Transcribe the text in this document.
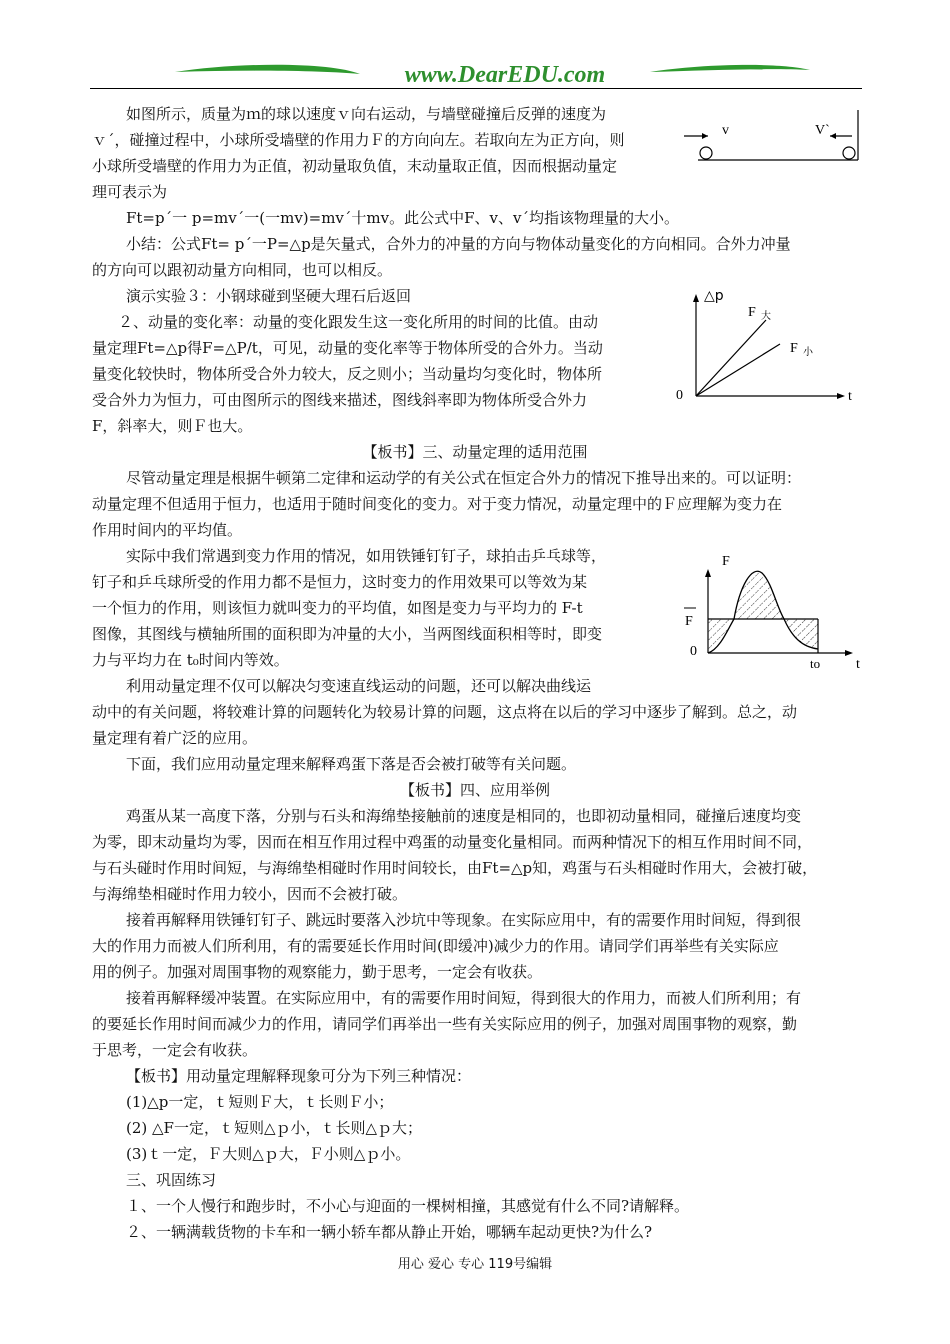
www.DearEDU.com

如图所示，质量为ｍ的球以速度ｖ向右运动，与墙壁碰撞后反弹的速度为

ｖ´，碰撞过程中，小球所受墙壁的作用力Ｆ的方向向左。若取向左为正方向，则

小球所受墙壁的作用力为正值，初动量取负值，末动量取正值，因而根据动量定

理可表示为

Ft=p´一 p=mv´一(一mv)=mv´十mv。此公式中F、v、v´均指该物理量的大小。

小结：公式Ft= p´一P=△p是矢量式，合外力的冲量的方向与物体动量变化的方向相同。合外力冲量

的方向可以跟初动量方向相同，也可以相反。

演示实验３：小钢球碰到坚硬大理石后返回

２、动量的变化率：动量的变化跟发生这一变化所用的时间的比值。由动

量定理Ft=△p得F=△P/t，可见，动量的变化率等于物体所受的合外力。当动

量变化较快时，物体所受合外力较大，反之则小；当动量均匀变化时，物体所

受合外力为恒力，可由图所示的图线来描述，图线斜率即为物体所受合外力

F，斜率大，则Ｆ也大。

【板书】三、动量定理的适用范围

尽管动量定理是根据牛顿第二定律和运动学的有关公式在恒定合外力的情况下推导出来的。可以证明：

动量定理不但适用于恒力，也适用于随时间变化的变力。对于变力情况，动量定理中的Ｆ应理解为变力在

作用时间内的平均值。

实际中我们常遇到变力作用的情况，如用铁锤钉钉子，球拍击乒乓球等，

钉子和乒乓球所受的作用力都不是恒力，这时变力的作用效果可以等效为某

一个恒力的作用，则该恒力就叫变力的平均值，如图是变力与平均力的 F-t

图像，其图线与横轴所围的面积即为冲量的大小，当两图线面积相等时，即变

力与平均力在 t₀时间内等效。

利用动量定理不仅可以解决匀变速直线运动的问题，还可以解决曲线运

动中的有关问题，将较难计算的问题转化为较易计算的问题，这点将在以后的学习中逐步了解到。总之，动

量定理有着广泛的应用。

下面，我们应用动量定理来解释鸡蛋下落是否会被打破等有关问题。

【板书】四、应用举例

鸡蛋从某一高度下落，分别与石头和海绵垫接触前的速度是相同的，也即初动量相同，碰撞后速度均变

为零，即末动量均为零，因而在相互作用过程中鸡蛋的动量变化量相同。而两种情况下的相互作用时间不同，

与石头碰时作用时间短，与海绵垫相碰时作用时间较长，由Ft=△p知，鸡蛋与石头相碰时作用大，会被打破，

与海绵垫相碰时作用力较小，因而不会被打破。

接着再解释用铁锤钉钉子、跳远时要落入沙坑中等现象。在实际应用中，有的需要作用时间短，得到很

大的作用力而被人们所利用，有的需要延长作用时间(即缓冲)减少力的作用。请同学们再举些有关实际应

用的例子。加强对周围事物的观察能力，勤于思考，一定会有收获。

接着再解释缓冲装置。在实际应用中，有的需要作用时间短，得到很大的作用力，而被人们所利用；有

的要延长作用时间而减少力的作用，请同学们再举出一些有关实际应用的例子，加强对周围事物的观察，勤

于思考，一定会有收获。

【板书】用动量定理解释现象可分为下列三种情况：

(1)△p一定，ｔ短则Ｆ大，ｔ长则Ｆ小；

(2) △F一定，ｔ短则△ｐ小，ｔ长则△ｐ大；

(3)ｔ一定，Ｆ大则△ｐ大，Ｆ小则△ｐ小。

三、巩固练习

１、一个人慢行和跑步时，不小心与迎面的一棵树相撞，其感觉有什么不同?请解释。

２、一辆满载货物的卡车和一辆小轿车都从静止开始，哪辆车起动更快?为什么?

v	V`
△p
t
0
F 大
F 小
F
F
0
to	t
用心 爱心 专心 119号编辑
